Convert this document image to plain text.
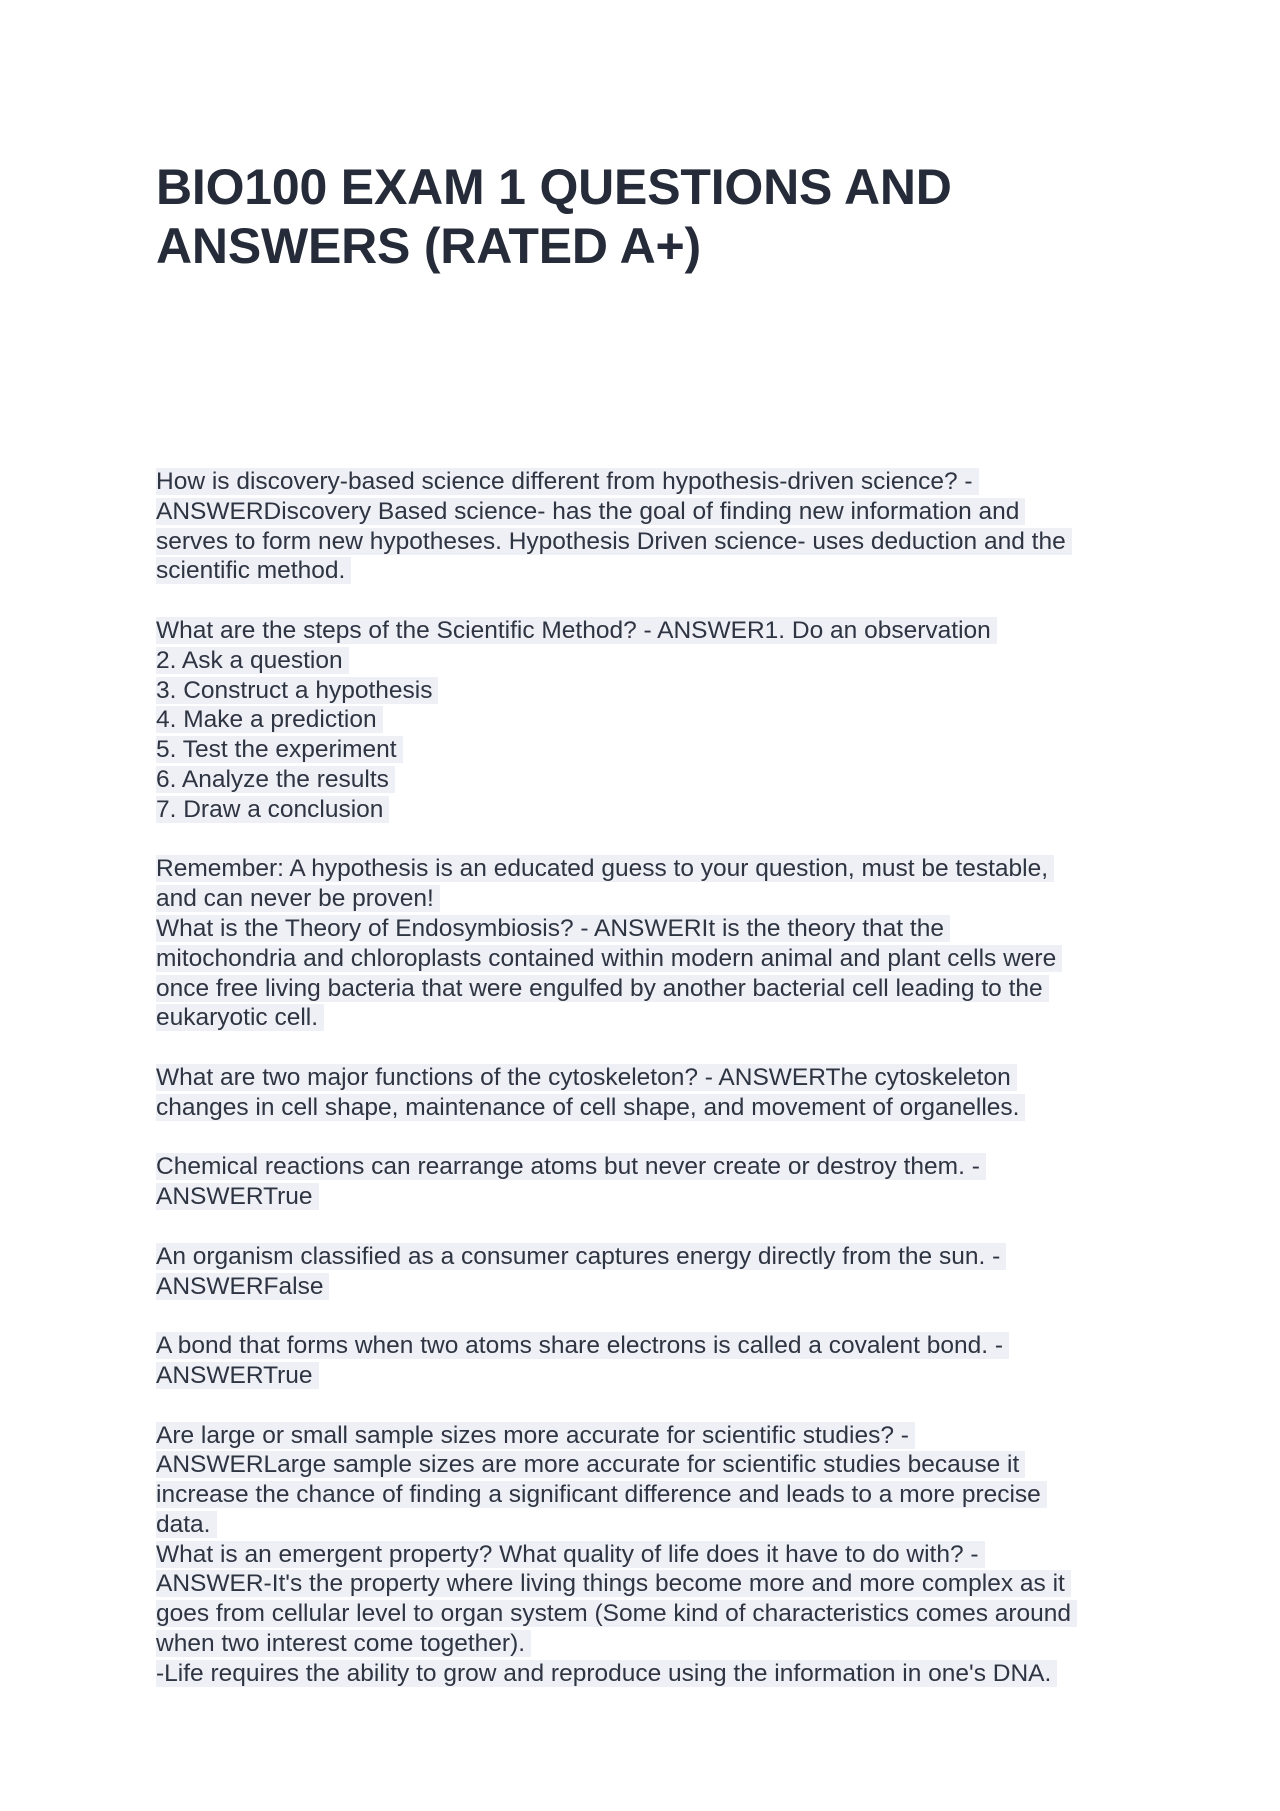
BIO100 EXAM 1 QUESTIONS AND
ANSWERS (RATED A+)
How is discovery-based science different from hypothesis-driven science? -
ANSWERDiscovery Based science- has the goal of finding new information and
serves to form new hypotheses. Hypothesis Driven science- uses deduction and the
scientific method.
What are the steps of the Scientific Method? - ANSWER1. Do an observation
2. Ask a question
3. Construct a hypothesis
4. Make a prediction
5. Test the experiment
6. Analyze the results
7. Draw a conclusion
Remember: A hypothesis is an educated guess to your question, must be testable,
and can never be proven!
What is the Theory of Endosymbiosis? - ANSWERIt is the theory that the
mitochondria and chloroplasts contained within modern animal and plant cells were
once free living bacteria that were engulfed by another bacterial cell leading to the
eukaryotic cell.
What are two major functions of the cytoskeleton? - ANSWERThe cytoskeleton
changes in cell shape, maintenance of cell shape, and movement of organelles.
Chemical reactions can rearrange atoms but never create or destroy them. -
ANSWERTrue
An organism classified as a consumer captures energy directly from the sun. -
ANSWERFalse
A bond that forms when two atoms share electrons is called a covalent bond. -
ANSWERTrue
Are large or small sample sizes more accurate for scientific studies? -
ANSWERLarge sample sizes are more accurate for scientific studies because it
increase the chance of finding a significant difference and leads to a more precise
data.
What is an emergent property? What quality of life does it have to do with? -
ANSWER-It's the property where living things become more and more complex as it
goes from cellular level to organ system (Some kind of characteristics comes around
when two interest come together).
-Life requires the ability to grow and reproduce using the information in one's DNA.
